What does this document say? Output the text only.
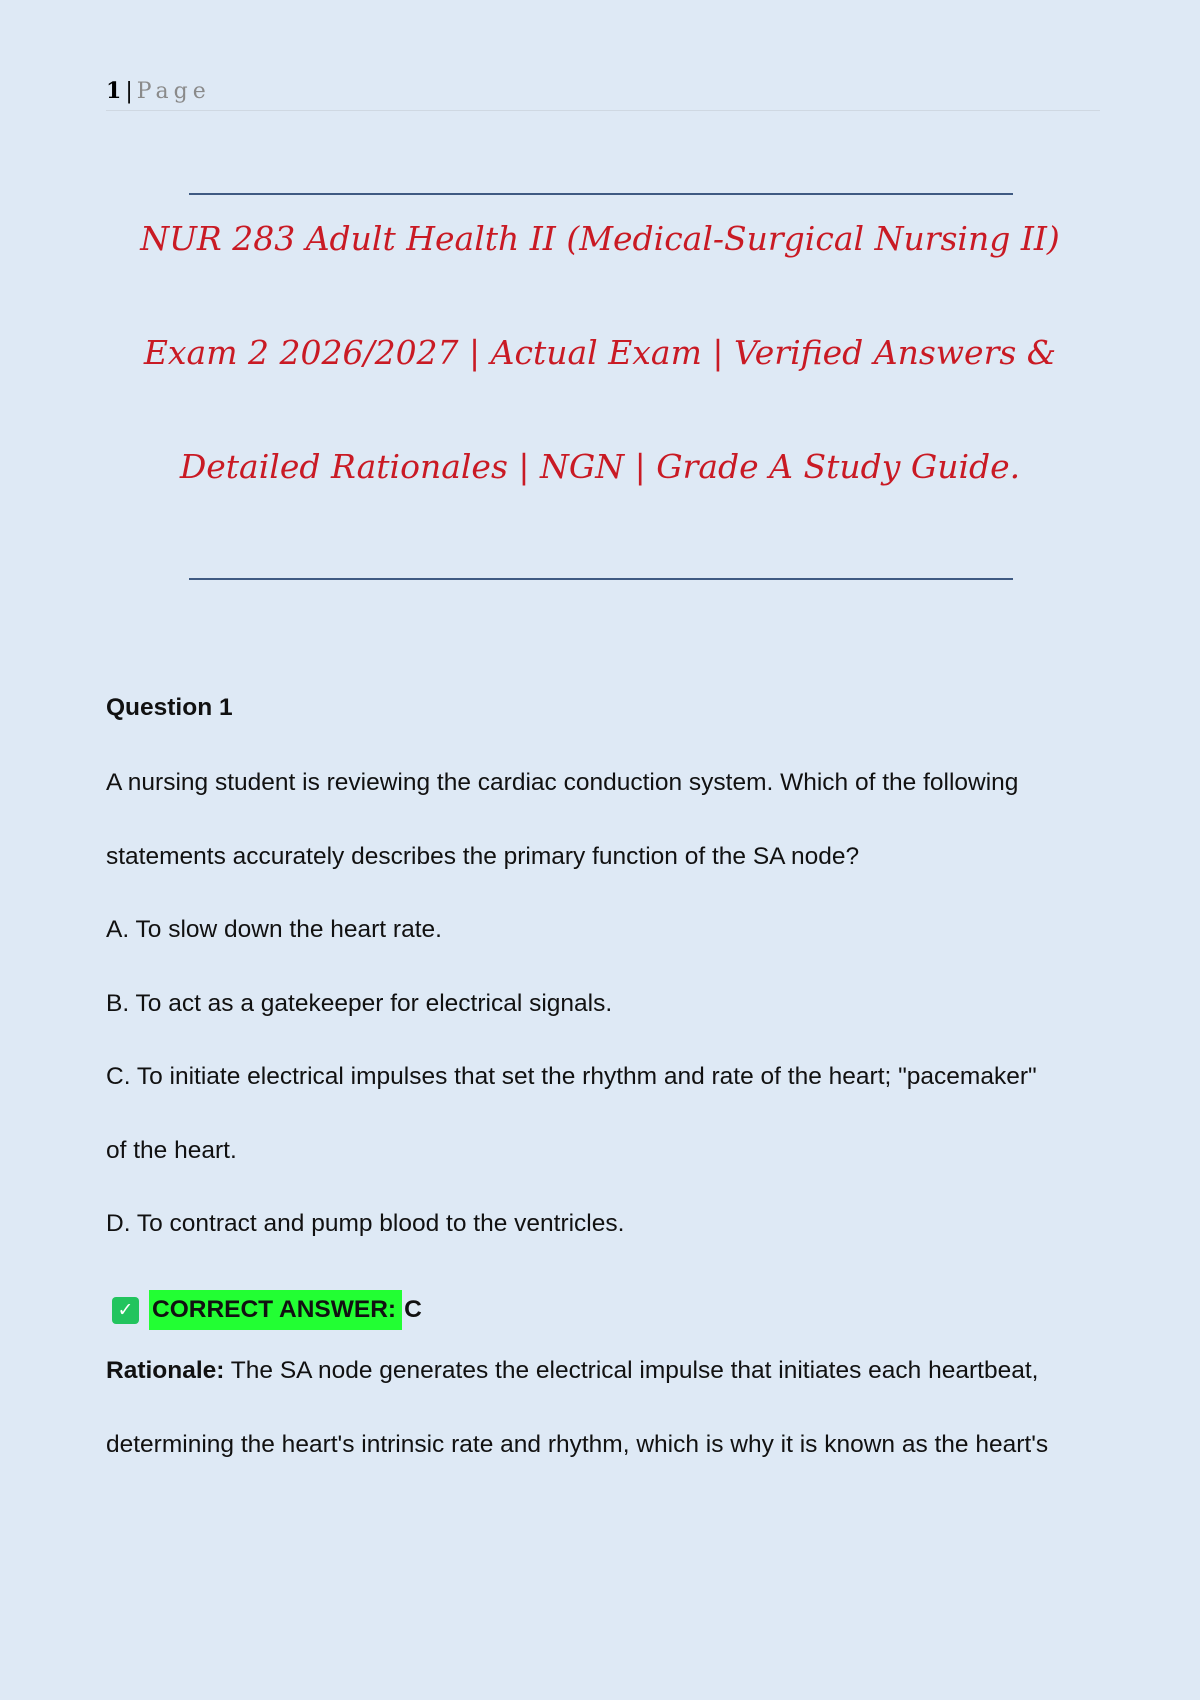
1 | Page
NUR 283 Adult Health II (Medical-Surgical Nursing II)
Exam 2 2026/2027 | Actual Exam | Verified Answers &
Detailed Rationales | NGN | Grade A Study Guide.
Question 1
A nursing student is reviewing the cardiac conduction system. Which of the following
statements accurately describes the primary function of the SA node?
A. To slow down the heart rate.
B. To act as a gatekeeper for electrical signals.
C. To initiate electrical impulses that set the rhythm and rate of the heart; "pacemaker"
of the heart.
D. To contract and pump blood to the ventricles.
✓ CORRECT ANSWER: C
Rationale: The SA node generates the electrical impulse that initiates each heartbeat,
determining the heart's intrinsic rate and rhythm, which is why it is known as the heart's
